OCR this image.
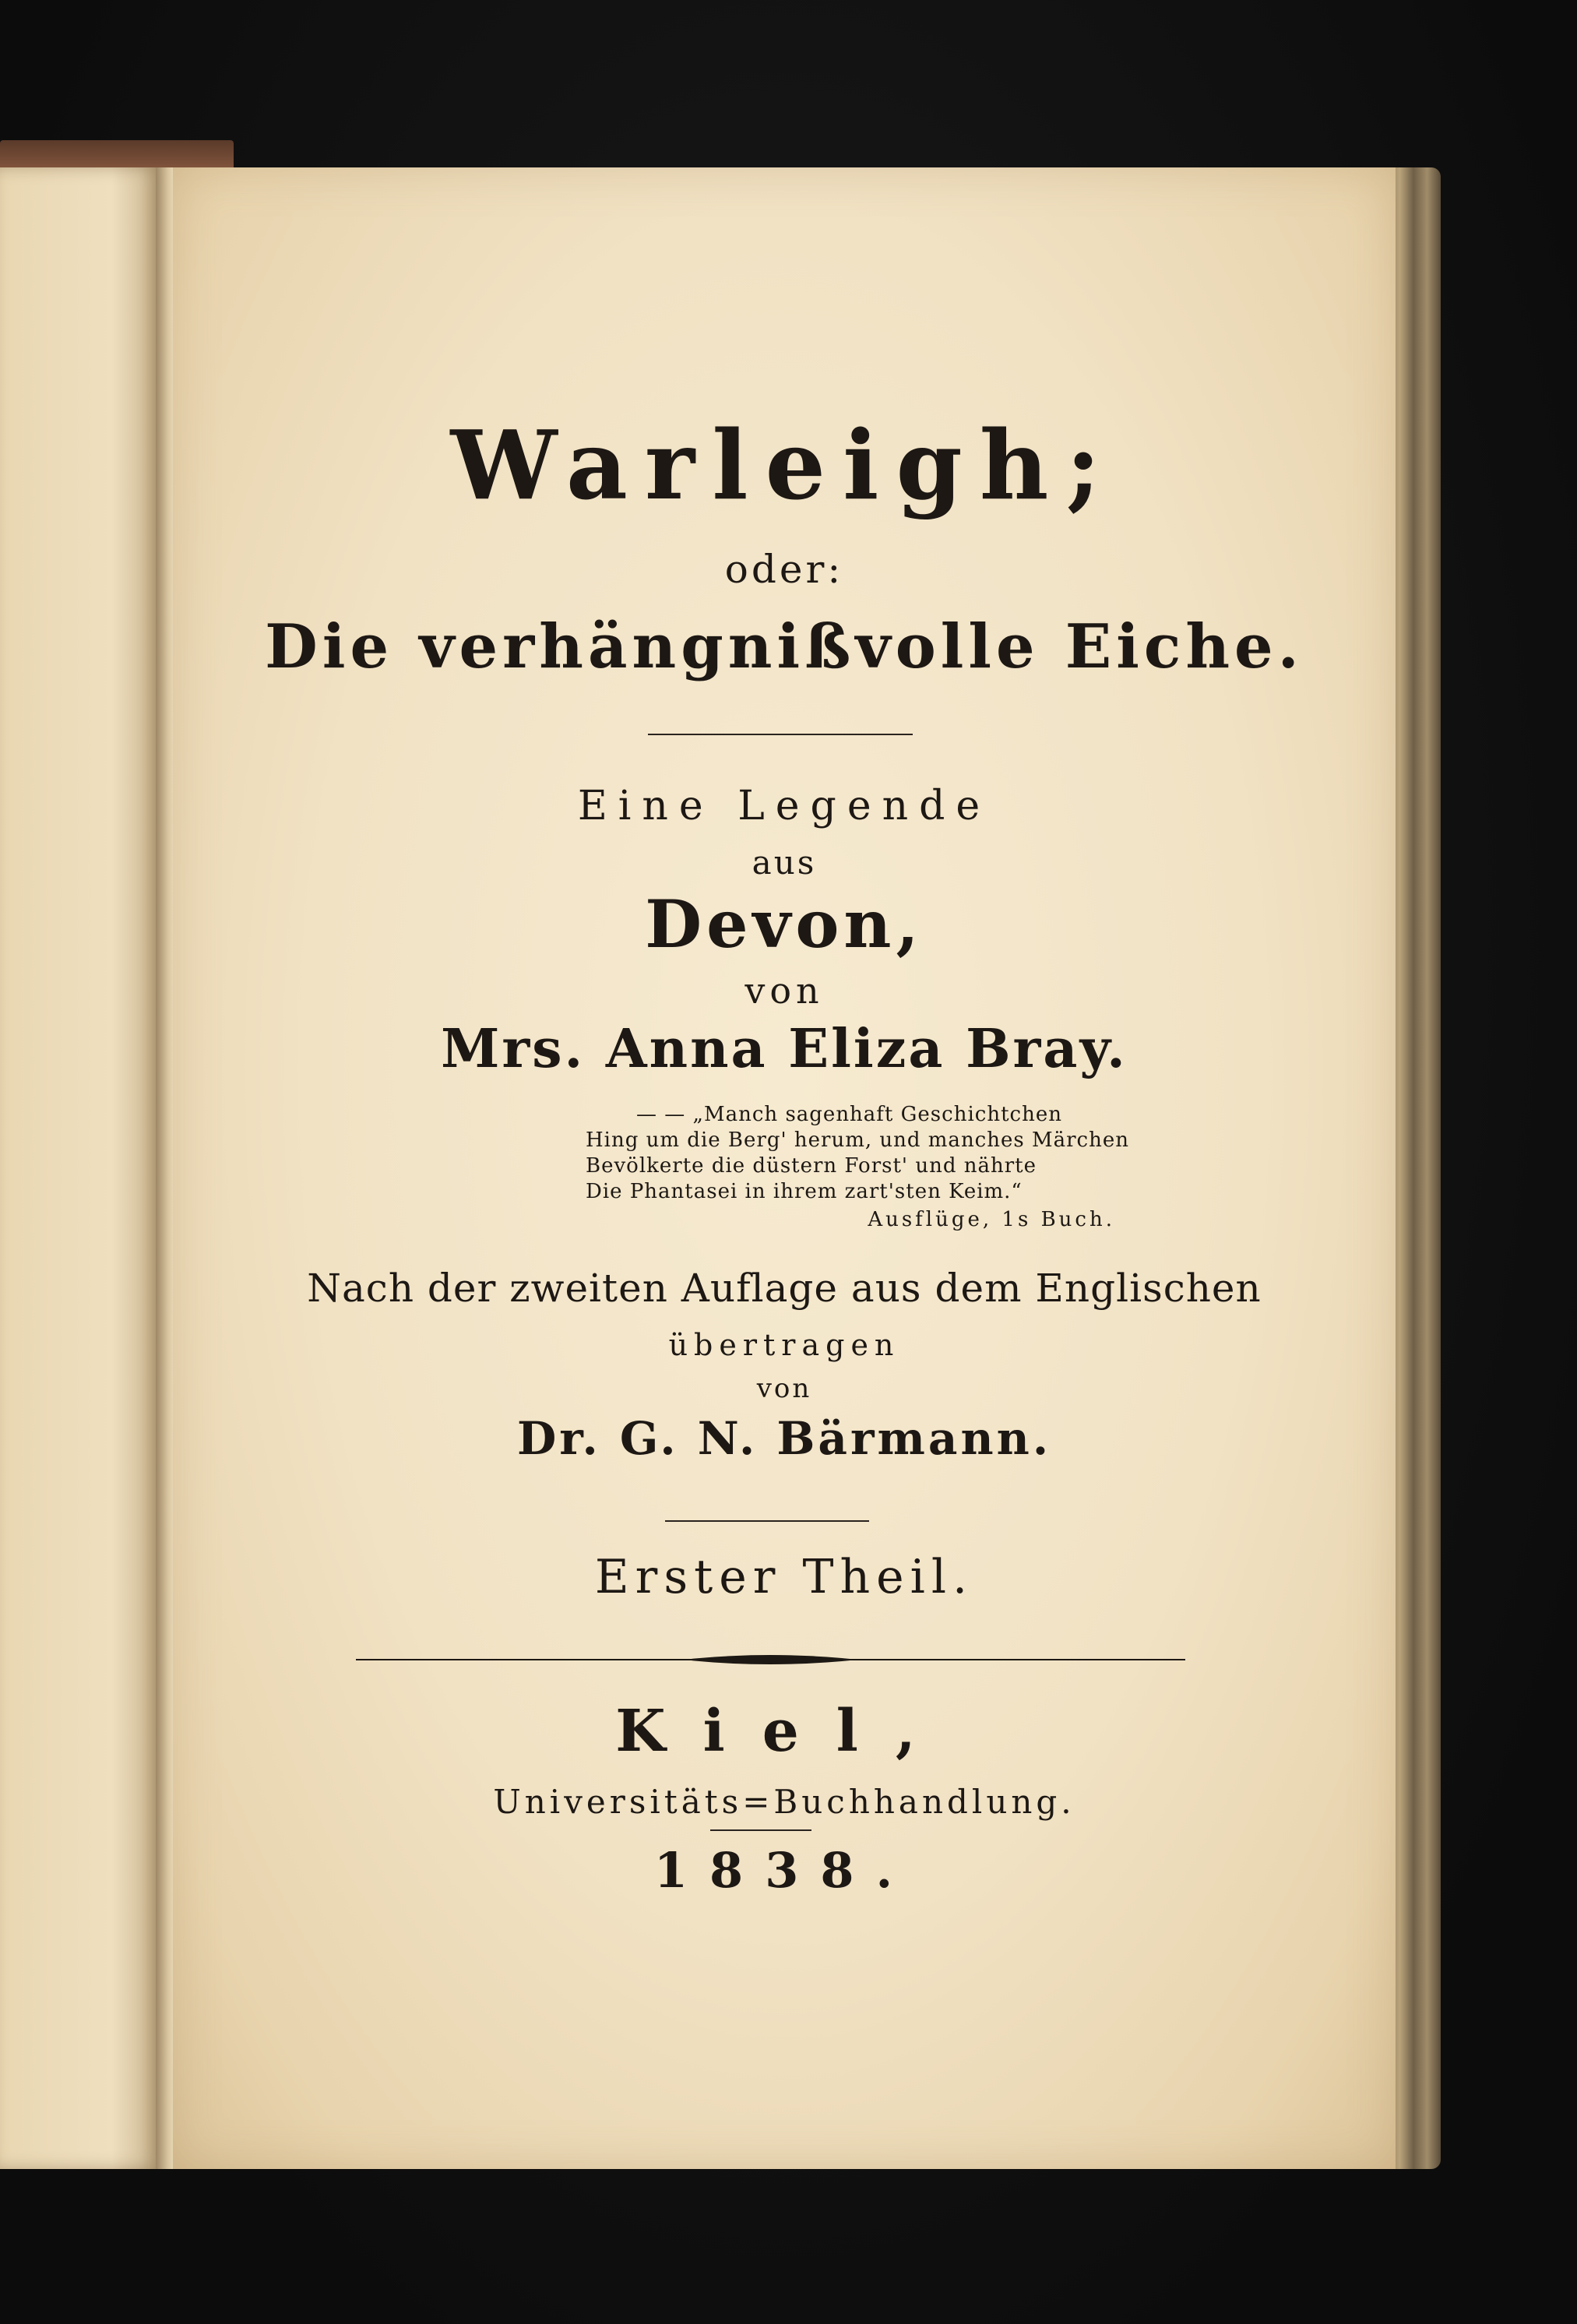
Warleigh;
oder:
Die verhängnißvolle Eiche.
Eine Legende
aus
Devon,
von
Mrs. Anna Eliza Bray.
— — „Manch sagenhaft Geschichtchen
Hing um die Berg' herum, und manches Märchen
Bevölkerte die düstern Forst' und nährte
Die Phantasei in ihrem zart'sten Keim.“
Ausflüge, 1s Buch.
Nach der zweiten Auflage aus dem Englischen
übertragen
von
Dr. G. N. Bärmann.
Erster Theil.
Kiel,
Universitäts=Buchhandlung.
1838.
